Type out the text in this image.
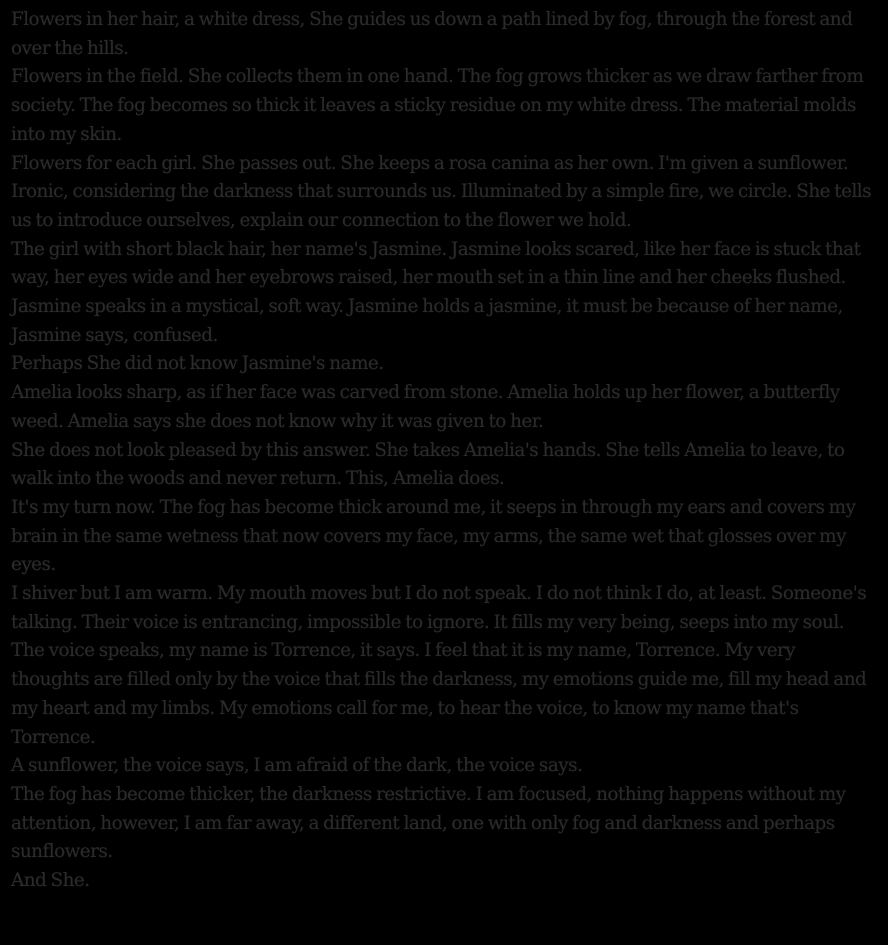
Flowers in her hair, a white dress, She guides us down a path lined by fog, through the forest and over the hills.

Flowers in the field. She collects them in one hand. The fog grows thicker as we draw farther from society. The fog becomes so thick it leaves a sticky residue on my white dress. The material molds into my skin.

Flowers for each girl. She passes out. She keeps a rosa canina as her own. I'm given a sunflower. Ironic, considering the darkness that surrounds us. Illuminated by a simple fire, we circle. She tells us to introduce ourselves, explain our connection to the flower we hold.

The girl with short black hair, her name's Jasmine. Jasmine looks scared, like her face is stuck that way, her eyes wide and her eyebrows raised, her mouth set in a thin line and her cheeks flushed. Jasmine speaks in a mystical, soft way. Jasmine holds a jasmine, it must be because of her name, Jasmine says, confused.

Perhaps She did not know Jasmine's name.

Amelia looks sharp, as if her face was carved from stone. Amelia holds up her flower, a butterfly weed. Amelia says she does not know why it was given to her.

She does not look pleased by this answer. She takes Amelia's hands. She tells Amelia to leave, to walk into the woods and never return. This, Amelia does.

It's my turn now. The fog has become thick around me, it seeps in through my ears and covers my brain in the same wetness that now covers my face, my arms, the same wet that glosses over my eyes.

I shiver but I am warm. My mouth moves but I do not speak. I do not think I do, at least. Someone's talking. Their voice is entrancing, impossible to ignore. It fills my very being, seeps into my soul. The voice speaks, my name is Torrence, it says. I feel that it is my name, Torrence. My very thoughts are filled only by the voice that fills the darkness, my emotions guide me, fill my head and my heart and my limbs. My emotions call for me, to hear the voice, to know my name that's Torrence.

A sunflower, the voice says, I am afraid of the dark, the voice says.

The fog has become thicker, the darkness restrictive. I am focused, nothing happens without my attention, however, I am far away, a different land, one with only fog and darkness and perhaps sunflowers.

And She.
